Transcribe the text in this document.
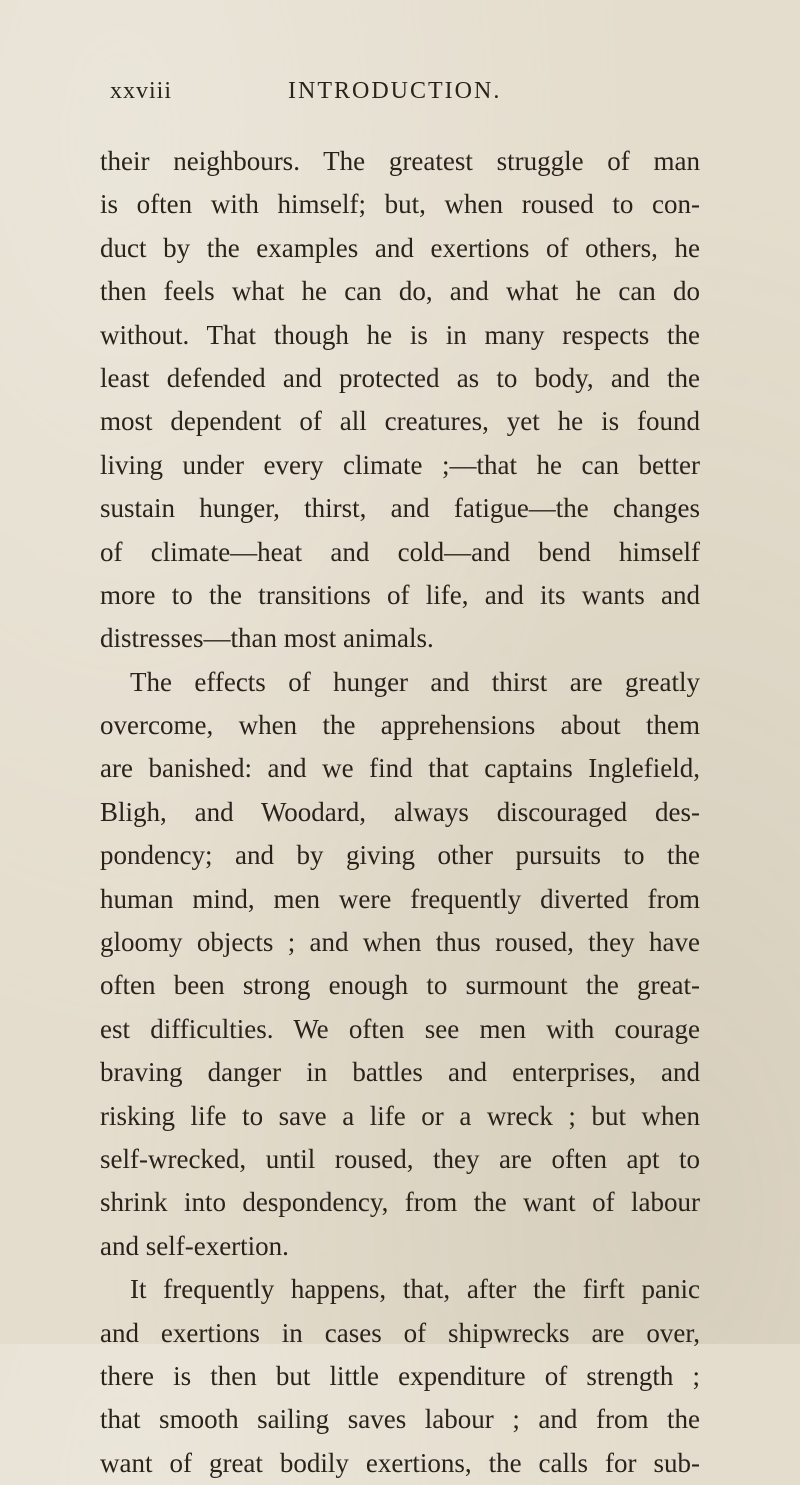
xxviii	INTRODUCTION.
their neighbours. The greatest struggle of man
is often with himself; but, when roused to con-
duct by the examples and exertions of others, he
then feels what he can do, and what he can do
without. That though he is in many respects the
least defended and protected as to body, and the
most dependent of all creatures, yet he is found
living under every climate ;—that he can better
sustain hunger, thirst, and fatigue—the changes
of climate—heat and cold—and bend himself
more to the transitions of life, and its wants and
distresses—than most animals.
The effects of hunger and thirst are greatly
overcome, when the apprehensions about them
are banished: and we find that captains Inglefield,
Bligh, and Woodard, always discouraged des-
pondency; and by giving other pursuits to the
human mind, men were frequently diverted from
gloomy objects ; and when thus roused, they have
often been strong enough to surmount the great-
est difficulties. We often see men with courage
braving danger in battles and enterprises, and
risking life to save a life or a wreck ; but when
self-wrecked, until roused, they are often apt to
shrink into despondency, from the want of labour
and self-exertion.
It frequently happens, that, after the firft panic
and exertions in cases of shipwrecks are over,
there is then but little expenditure of strength ;
that smooth sailing saves labour ; and from the
want of great bodily exertions, the calls for sub-
